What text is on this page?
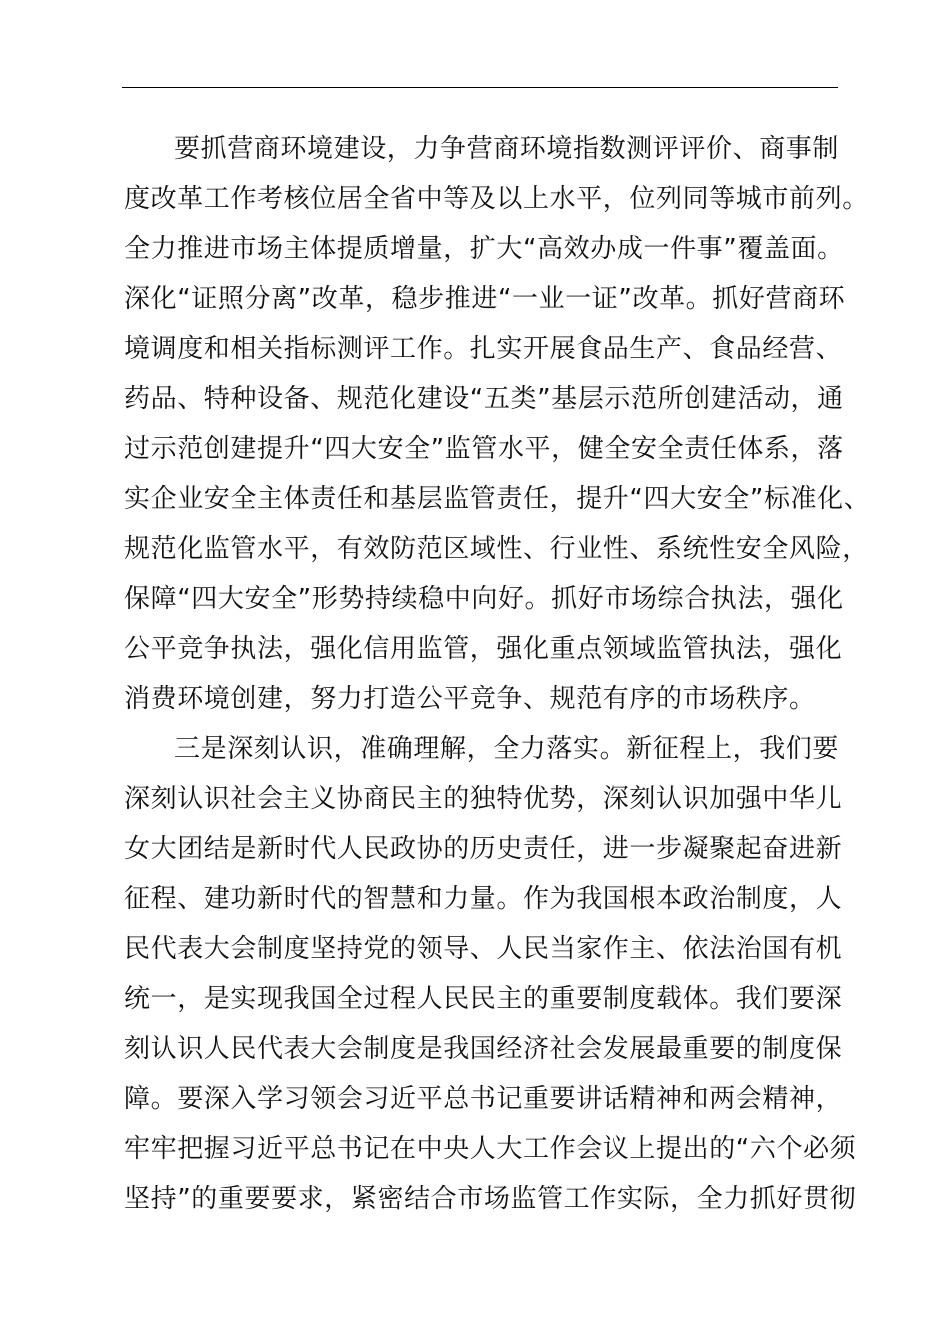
要抓营商环境建设，力争营商环境指数测评评价、商事制
度改革工作考核位居全省中等及以上水平，位列同等城市前列。
全力推进市场主体提质增量，扩大“高效办成一件事”覆盖面。
深化“证照分离”改革，稳步推进“一业一证”改革。抓好营商环
境调度和相关指标测评工作。扎实开展食品生产、食品经营、
药品、特种设备、规范化建设“五类”基层示范所创建活动，通
过示范创建提升“四大安全”监管水平，健全安全责任体系，落
实企业安全主体责任和基层监管责任，提升“四大安全”标准化、
规范化监管水平，有效防范区域性、行业性、系统性安全风险，
保障“四大安全”形势持续稳中向好。抓好市场综合执法，强化
公平竞争执法，强化信用监管，强化重点领域监管执法，强化
消费环境创建，努力打造公平竞争、规范有序的市场秩序。
三是深刻认识，准确理解，全力落实。新征程上，我们要
深刻认识社会主义协商民主的独特优势，深刻认识加强中华儿
女大团结是新时代人民政协的历史责任，进一步凝聚起奋进新
征程、建功新时代的智慧和力量。作为我国根本政治制度，人
民代表大会制度坚持党的领导、人民当家作主、依法治国有机
统一，是实现我国全过程人民民主的重要制度载体。我们要深
刻认识人民代表大会制度是我国经济社会发展最重要的制度保
障。要深入学习领会习近平总书记重要讲话精神和两会精神，
牢牢把握习近平总书记在中央人大工作会议上提出的“六个必须
坚持”的重要要求，紧密结合市场监管工作实际，全力抓好贯彻
